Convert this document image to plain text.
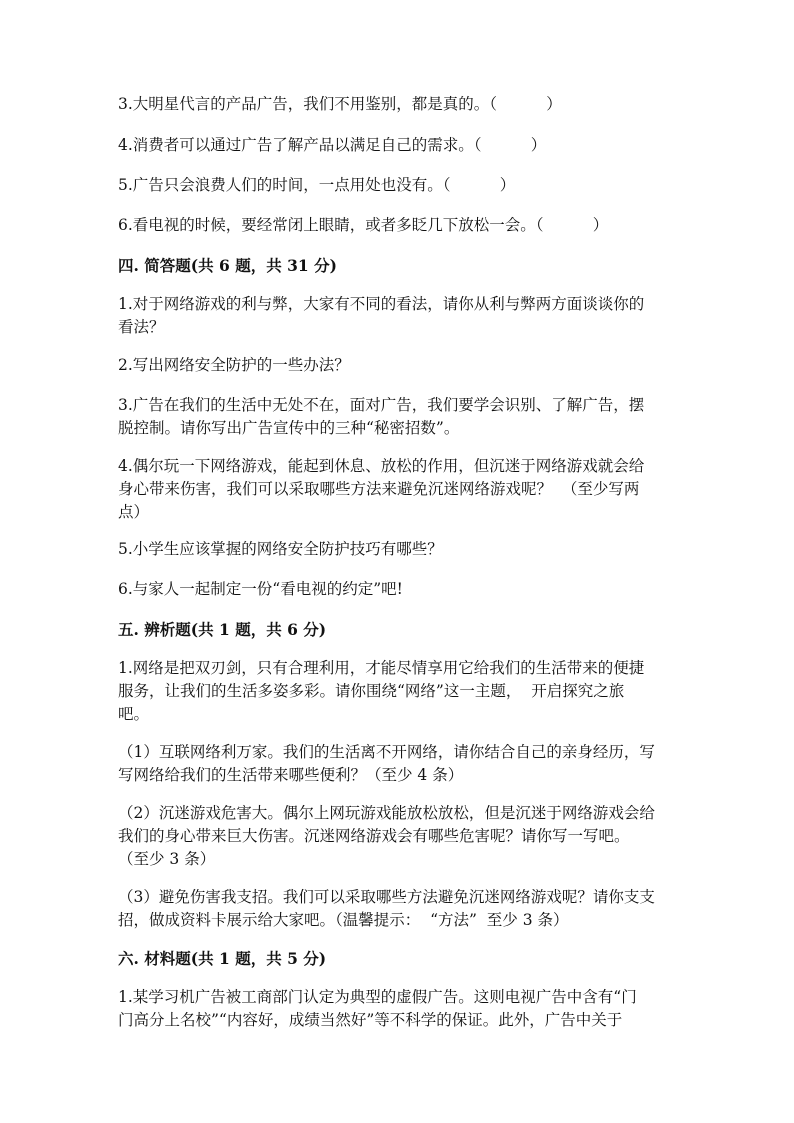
3.大明星代言的产品广告，我们不用鉴别，都是真的。（          ）

4.消费者可以通过广告了解产品以满足自己的需求。（          ）

5.广告只会浪费人们的时间，一点用处也没有。（          ）

6.看电视的时候，要经常闭上眼睛，或者多眨几下放松一会。（          ）

四. 简答题(共 6 题，共 31 分)

1.对于网络游戏的利与弊，大家有不同的看法，请你从利与弊两方面谈谈你的

看法？

2.写出网络安全防护的一些办法？

3.广告在我们的生活中无处不在，面对广告，我们要学会识别、了解广告，摆

脱控制。请你写出广告宣传中的三种“秘密招数”。

4.偶尔玩一下网络游戏，能起到休息、放松的作用，但沉迷于网络游戏就会给

身心带来伤害，我们可以采取哪些方法来避免沉迷网络游戏呢？  （至少写两

点）

5.小学生应该掌握的网络安全防护技巧有哪些？

6.与家人一起制定一份“看电视的约定”吧!

五. 辨析题(共 1 题，共 6 分)

1.网络是把双刃剑，只有合理利用，才能尽情享用它给我们的生活带来的便捷

服务，让我们的生活多姿多彩。请你围绕“网络”这一主题，  开启探究之旅

吧。

（1）互联网络利万家。我们的生活离不开网络，请你结合自己的亲身经历，写

写网络给我们的生活带来哪些便利？（至少 4 条）

（2）沉迷游戏危害大。偶尔上网玩游戏能放松放松，但是沉迷于网络游戏会给

我们的身心带来巨大伤害。沉迷网络游戏会有哪些危害呢？请你写一写吧。

（至少 3 条）

（3）避免伤害我支招。我们可以采取哪些方法避免沉迷网络游戏呢？请你支支

招，做成资料卡展示给大家吧。（温馨提示：  “方法”  至少 3 条）

六. 材料题(共 1 题，共 5 分)

1.某学习机广告被工商部门认定为典型的虚假广告。这则电视广告中含有“门

门高分上名校”“内容好，成绩当然好”等不科学的保证。此外，广告中关于
